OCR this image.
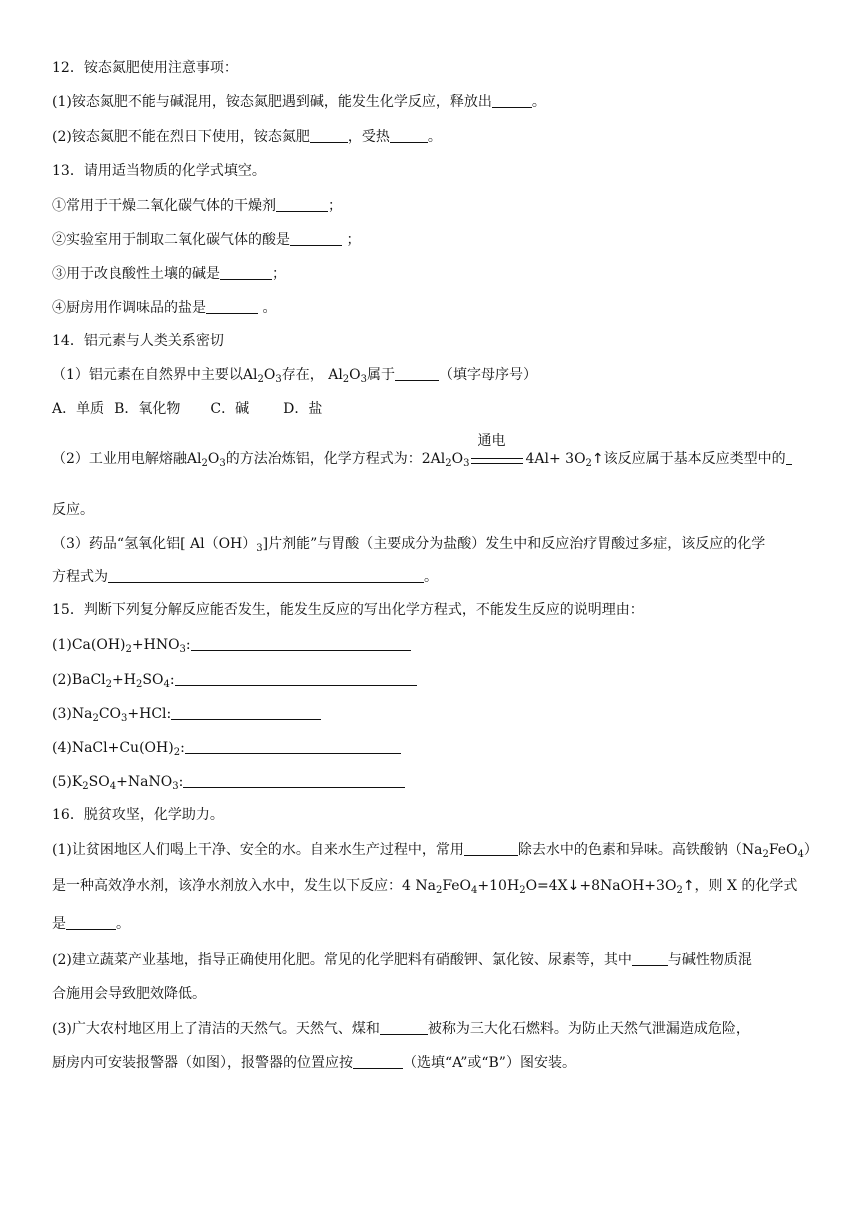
12．铵态氮肥使用注意事项：
(1)铵态氮肥不能与碱混用，铵态氮肥遇到碱，能发生化学反应，释放出	。
(2)铵态氮肥不能在烈日下使用，铵态氮肥	，受热	。
13．请用适当物质的化学式填空。
①常用于干燥二氧化碳气体的干燥剂	；
②实验室用于制取二氧化碳气体的酸是	；
③用于改良酸性土壤的碱是	；
④厨房用作调味品的盐是	。
14．铝元素与人类关系密切
（1）铝元素在自然界中主要以$Al_2O_3$存在， $Al_2O_3$属于	（填字母序号）
A．单质 B．氧化物 C．碱 D．盐
（2）工业用电解熔融$Al_2O_3$的方法冶炼铝，化学方程式为：$2Al_2O_3$
通电
$4Al+ 3O_2↑$该反应属于基本反应类型中的
反应。
（3）药品“氢氧化铝[ $Al(OH)_3$]片剂能”与胃酸（主要成分为盐酸）发生中和反应治疗胃酸过多症，该反应的化学
方程式为	。
15．判断下列复分解反应能否发生，能发生反应的写出化学方程式，不能发生反应的说明理由：
$(1)Ca(OH)_2+HNO_3$:
$(2)BaCl_2+H_2SO_4$:
$(3)Na_2CO_3+HCl$:
$(4)NaCl+Cu(OH)_2$:
$(5)K_2SO_4+NaNO_3$:
16．脱贫攻坚，化学助力。
(1)让贫困地区人们喝上干净、安全的水。自来水生产过程中，常用	除去水中的色素和异味。高铁酸钠$(Na_2FeO_4)$
是一种高效净水剂，该净水剂放入水中，发生以下反应：4 $Na_2FeO_4+10H_2O=4X↓+8NaOH+3O_2↑$，则 X 的化学式
是	。
(2)建立蔬菜产业基地，指导正确使用化肥。常见的化学肥料有硝酸钾、氯化铵、尿素等，其中	与碱性物质混
合施用会导致肥效降低。
(3)广大农村地区用上了清洁的天然气。天然气、煤和	被称为三大化石燃料。为防止天然气泄漏造成危险，
厨房内可安装报警器（如图），报警器的位置应按	（选填“A”或“B”）图安装。
